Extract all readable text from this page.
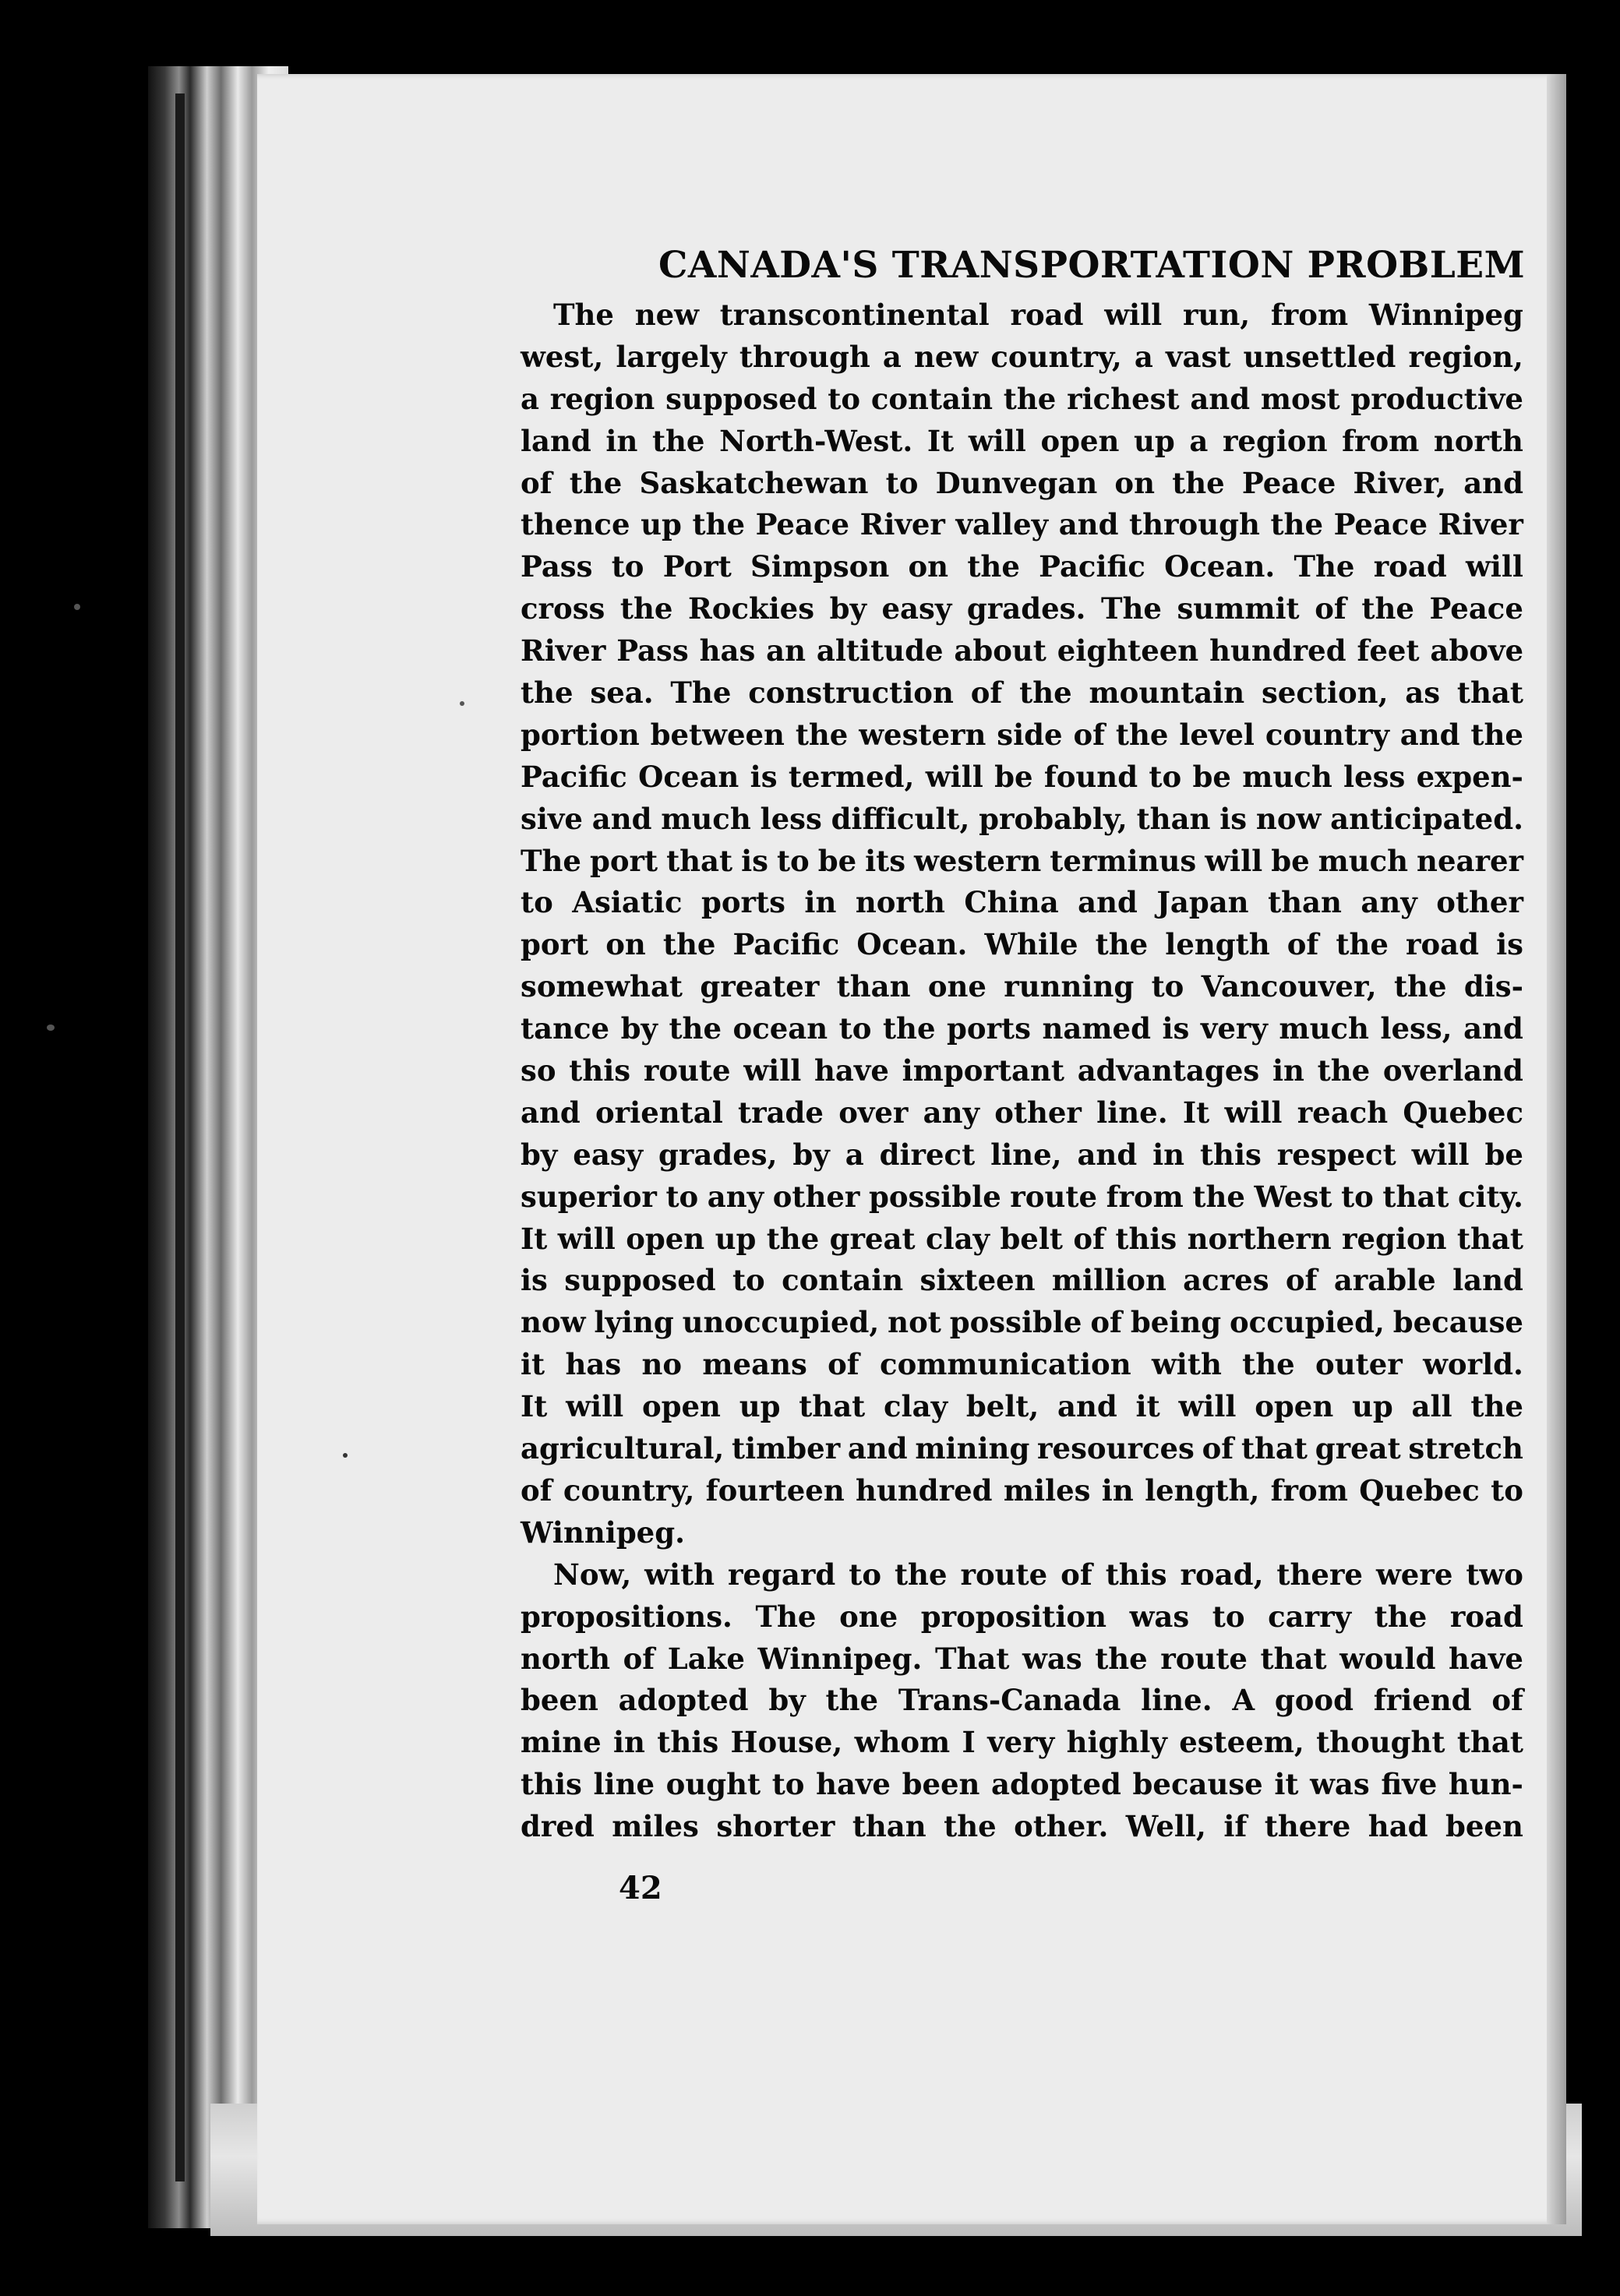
CANADA'S TRANSPORTATION PROBLEM
The new transcontinental road will run, from Winnipeg
west, largely through a new country, a vast unsettled region,
a region supposed to contain the richest and most productive
land in the North-West. It will open up a region from north
of the Saskatchewan to Dunvegan on the Peace River, and
thence up the Peace River valley and through the Peace River
Pass to Port Simpson on the Pacific Ocean. The road will
cross the Rockies by easy grades. The summit of the Peace
River Pass has an altitude about eighteen hundred feet above
the sea. The construction of the mountain section, as that
portion between the western side of the level country and the
Pacific Ocean is termed, will be found to be much less expen-
sive and much less difficult, probably, than is now anticipated.
The port that is to be its western terminus will be much nearer
to Asiatic ports in north China and Japan than any other
port on the Pacific Ocean. While the length of the road is
somewhat greater than one running to Vancouver, the dis-
tance by the ocean to the ports named is very much less, and
so this route will have important advantages in the overland
and oriental trade over any other line. It will reach Quebec
by easy grades, by a direct line, and in this respect will be
superior to any other possible route from the West to that city.
It will open up the great clay belt of this northern region that
is supposed to contain sixteen million acres of arable land
now lying unoccupied, not possible of being occupied, because
it has no means of communication with the outer world.
It will open up that clay belt, and it will open up all the
agricultural, timber and mining resources of that great stretch
of country, fourteen hundred miles in length, from Quebec to
Winnipeg.
Now, with regard to the route of this road, there were two
propositions. The one proposition was to carry the road
north of Lake Winnipeg. That was the route that would have
been adopted by the Trans-Canada line. A good friend of
mine in this House, whom I very highly esteem, thought that
this line ought to have been adopted because it was five hun-
dred miles shorter than the other. Well, if there had been
42
